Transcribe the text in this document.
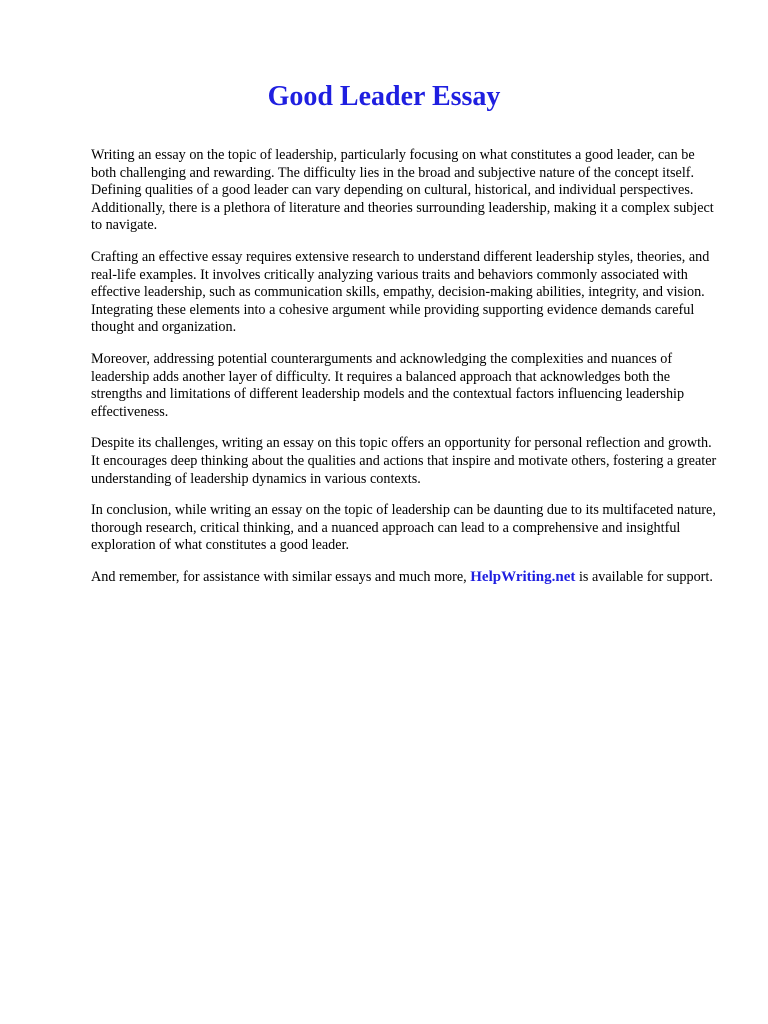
Good Leader Essay

Writing an essay on the topic of leadership, particularly focusing on what constitutes a good leader, can be both challenging and rewarding. The difficulty lies in the broad and subjective nature of the concept itself. Defining qualities of a good leader can vary depending on cultural, historical, and individual perspectives. Additionally, there is a plethora of literature and theories surrounding leadership, making it a complex subject to navigate.

Crafting an effective essay requires extensive research to understand different leadership styles, theories, and real-life examples. It involves critically analyzing various traits and behaviors commonly associated with effective leadership, such as communication skills, empathy, decision-making abilities, integrity, and vision. Integrating these elements into a cohesive argument while providing supporting evidence demands careful thought and organization.

Moreover, addressing potential counterarguments and acknowledging the complexities and nuances of leadership adds another layer of difficulty. It requires a balanced approach that acknowledges both the strengths and limitations of different leadership models and the contextual factors influencing leadership effectiveness.

Despite its challenges, writing an essay on this topic offers an opportunity for personal reflection and growth. It encourages deep thinking about the qualities and actions that inspire and motivate others, fostering a greater understanding of leadership dynamics in various contexts.

In conclusion, while writing an essay on the topic of leadership can be daunting due to its multifaceted nature, thorough research, critical thinking, and a nuanced approach can lead to a comprehensive and insightful exploration of what constitutes a good leader.

And remember, for assistance with similar essays and much more, HelpWriting.net is available for support.
